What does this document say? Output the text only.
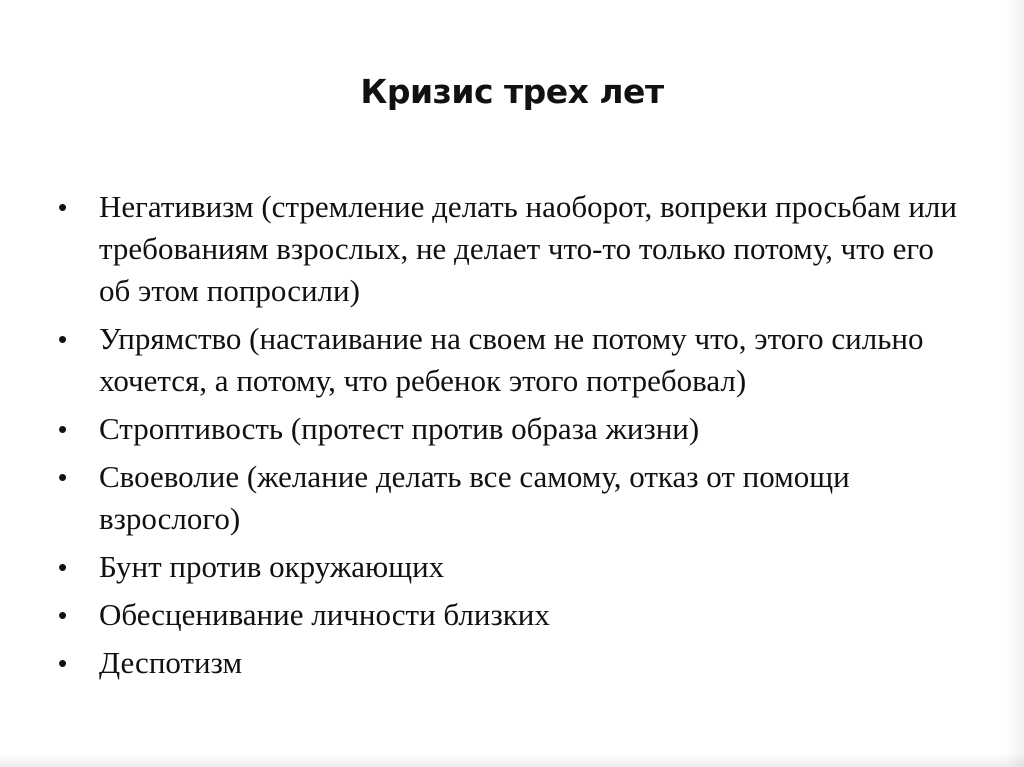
Кризис трех лет
• Негативизм (стремление делать наоборот, вопреки просьбам или требованиям взрослых, не делает что-то только потому, что его об этом попросили)
• Упрямство (настаивание на своем не потому что, этого сильно хочется, а потому, что ребенок этого потребовал)
• Строптивость (протест против образа жизни)
• Своеволие (желание делать все самому, отказ от помощи взрослого)
• Бунт против окружающих
• Обесценивание личности близких
• Деспотизм
